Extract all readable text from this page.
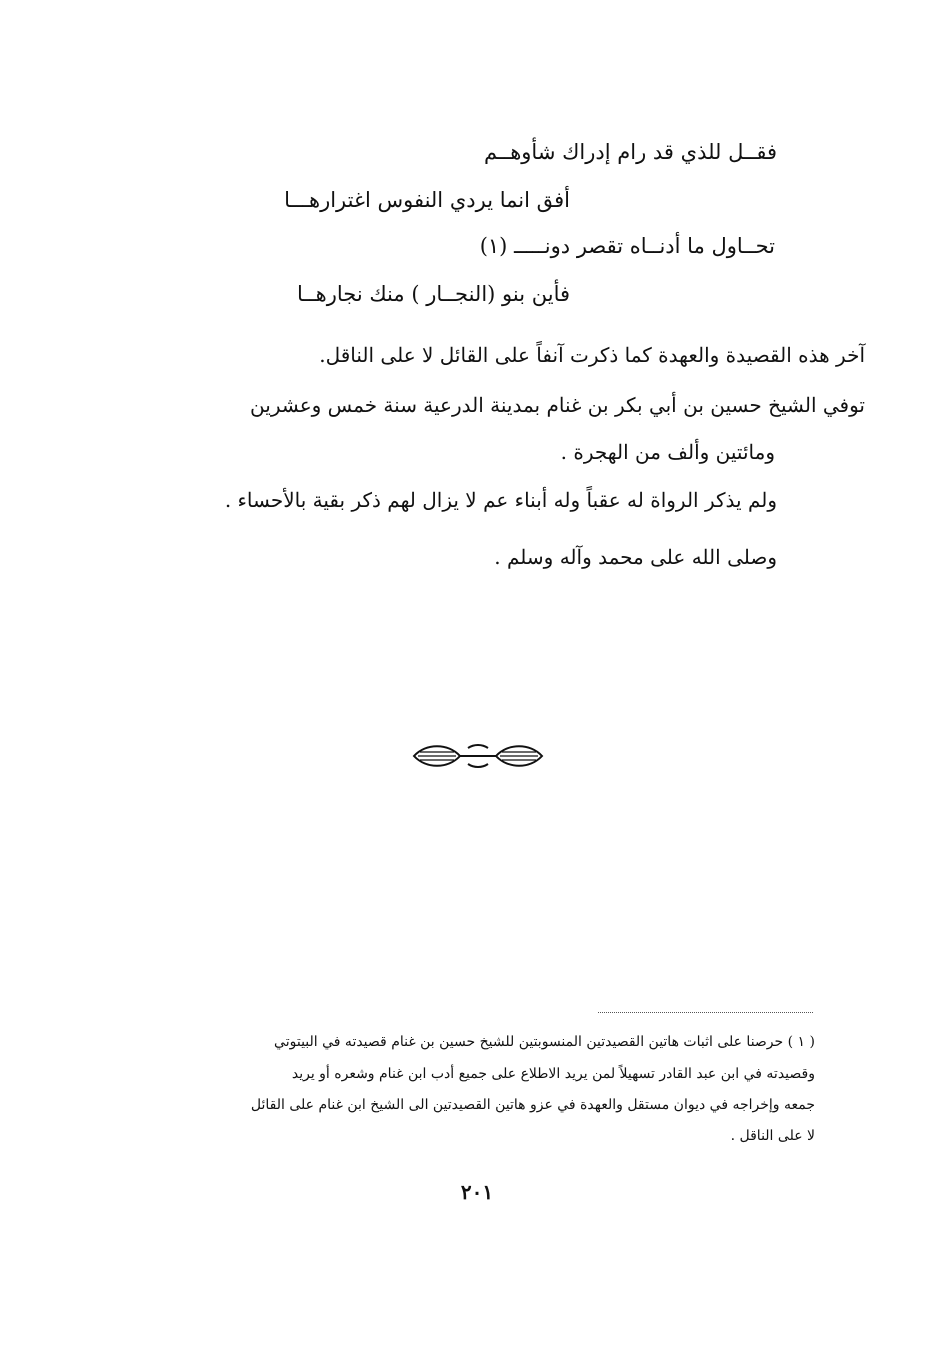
فقــل للذي قد رام إدراك شأوهــم
أفق انما يردي النفوس اغترارهـــا
تحــاول ما أدنــاه تقصر دونـــــ (١)
فأين بنو (النجــار ) منك نجارهــا
آخر هذه القصيدة والعهدة كما ذكرت آنفاً على القائل لا على الناقل.
توفي الشيخ حسين بن أبي بكر بن غنام بمدينة الدرعية سنة خمس وعشرين
ومائتين وألف من الهجرة .
ولم يذكر الرواة له عقباً وله أبناء عم لا يزال لهم ذكر بقية بالأحساء .
وصلى الله على محمد وآله وسلم .
( ١ ) حرصنا على اثبات هاتين القصيدتين المنسوبتين للشيخ حسين بن غنام قصيدته في البيتوتي
وقصيدته في ابن عبد القادر تسهيلاً لمن يريد الاطلاع على جميع أدب ابن غنام وشعره أو يريد
جمعه وإخراجه في ديوان مستقل والعهدة في عزو هاتين القصيدتين الى الشيخ ابن غنام على القائل
لا على الناقل .
٢٠١
